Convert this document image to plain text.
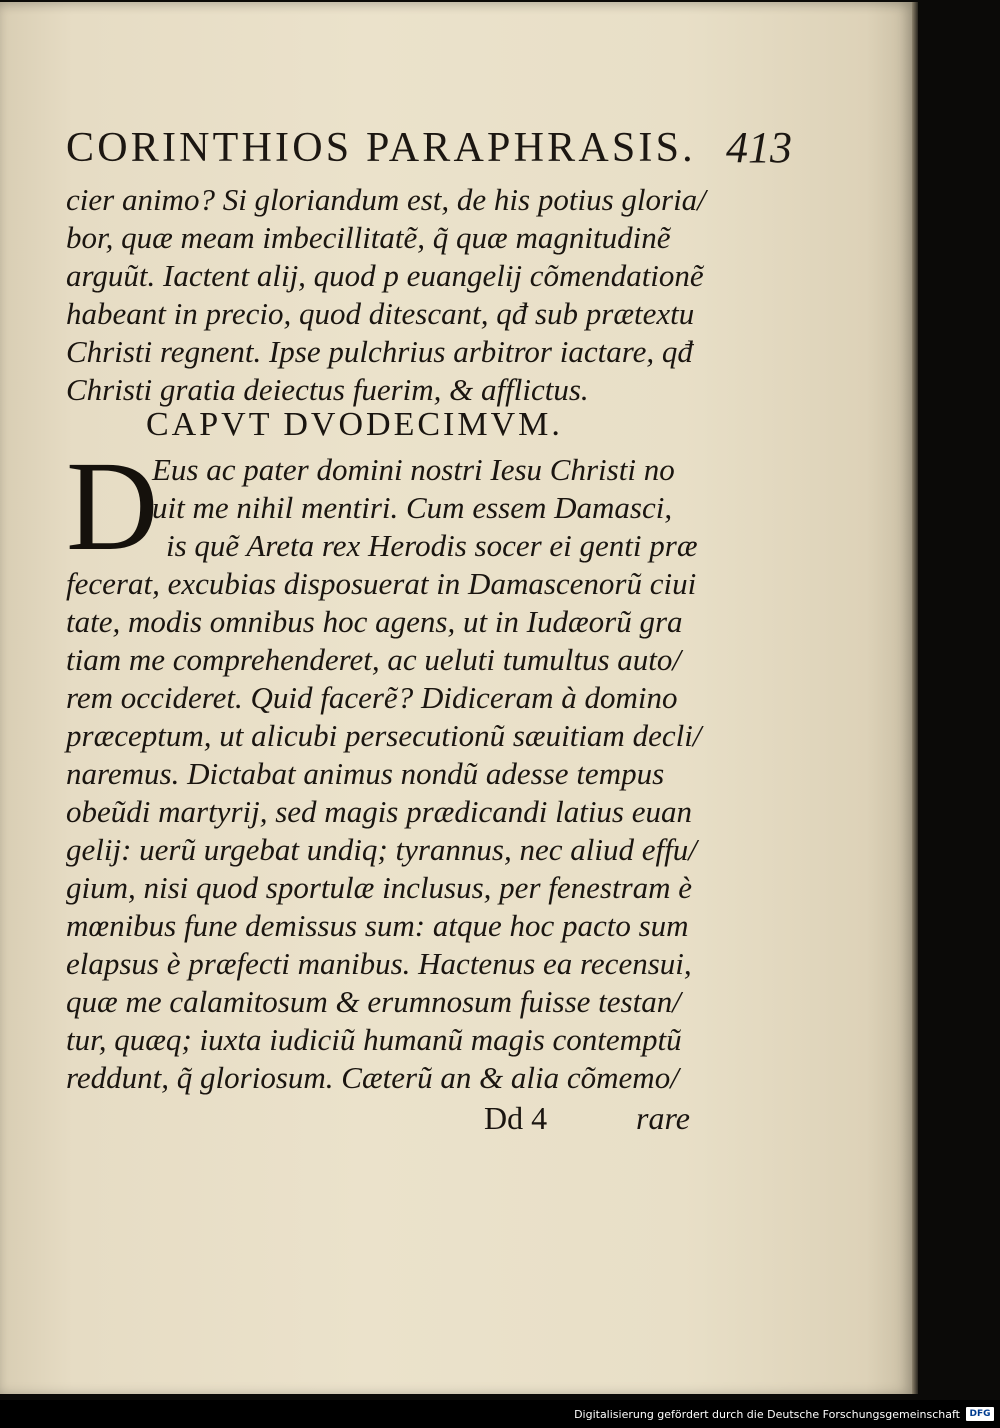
CORINTHIOS PARAPHRASIS. 413
cier animo? Si gloriandum est, de his potius gloria/
bor, quæ meam imbecillitatẽ, q̃ quæ magnitudinẽ
arguũt. Iactent alij, quod p euangelij cõmendationẽ
habeant in precio, quod ditescant, qđ sub prætextu
Christi regnent. Ipse pulchrius arbitror iactare, qđ
Christi gratia deiectus fuerim, & afflictus.
CAPVT DVODECIMVM.
D
Eus ac pater domini nostri Iesu Christi no
uit me nihil mentiri. Cum essem Damasci,
is quẽ Areta rex Herodis socer ei genti præ
fecerat, excubias disposuerat in Damascenorũ ciui
tate, modis omnibus hoc agens, ut in Iudæorũ gra
tiam me comprehenderet, ac ueluti tumultus auto/
rem occideret. Quid facerẽ? Didiceram à domino
præceptum, ut alicubi persecutionũ sæuitiam decli/
naremus. Dictabat animus nondũ adesse tempus
obeũdi martyrij, sed magis prædicandi latius euan
gelij: uerũ urgebat undiq; tyrannus, nec aliud effu/
gium, nisi quod sportulæ inclusus, per fenestram è
mœnibus fune demissus sum: atque hoc pacto sum
elapsus è præfecti manibus. Hactenus ea recensui,
quæ me calamitosum & erumnosum fuisse testan/
tur, quæq; iuxta iudiciũ humanũ magis contemptũ
reddunt, q̃ gloriosum. Cæterũ an & alia cõmemo/
Dd 4	rare
Digitalisierung gefördert durch die Deutsche Forschungsgemeinschaft	DFG
